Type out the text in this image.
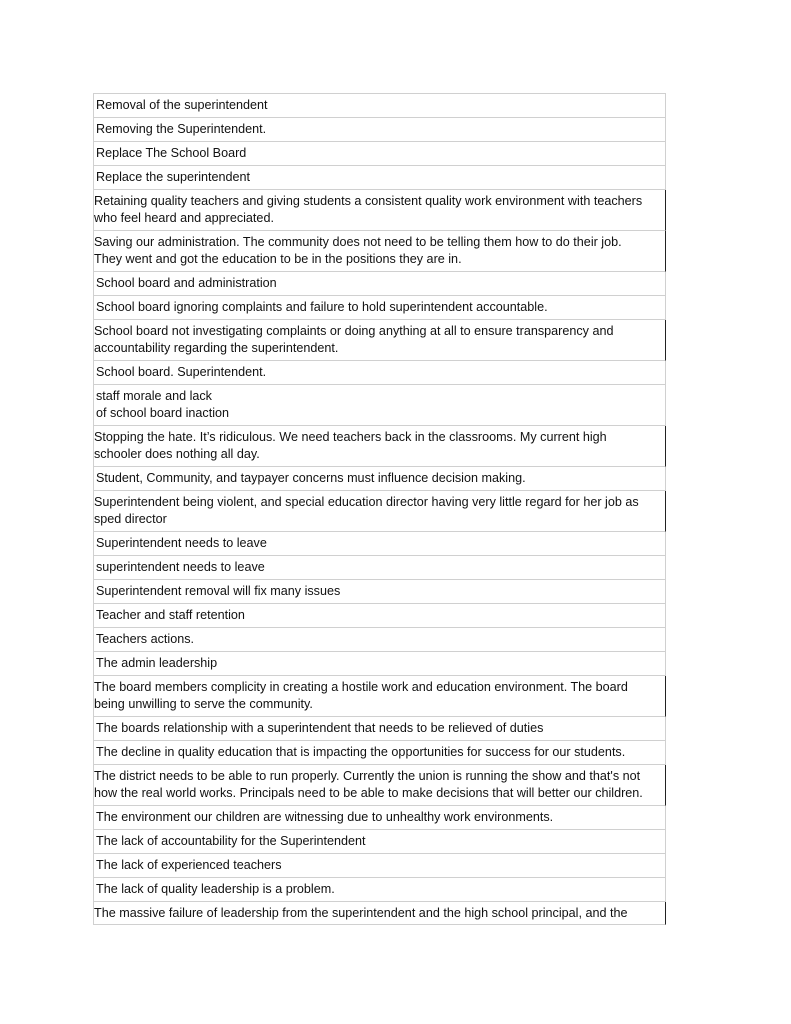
Removal of the superintendent
Removing the Superintendent.
Replace The School Board
Replace the superintendent
Retaining quality teachers and giving students a consistent quality work environment with teachers
who feel heard and appreciated.
Saving our administration. The community does not need to be telling them how to do their job.
They went and got the education to be in the positions they are in.
School board and administration
School board ignoring complaints and failure to hold superintendent accountable.
School board not investigating complaints or doing anything at all to ensure transparency and
accountability regarding the superintendent.
School board. Superintendent.
staff morale and lack
of school board inaction
Stopping the hate. It’s ridiculous. We need teachers back in the classrooms. My current high
schooler does nothing all day.
Student, Community, and taypayer concerns must influence decision making.
Superintendent being violent, and special education director having very little regard for her job as
sped director
Superintendent needs to leave
superintendent needs to leave
Superintendent removal will fix many issues
Teacher and staff retention
Teachers actions.
The admin leadership
The board members complicity in creating a hostile work and education environment. The board
being unwilling to serve the community.
The boards relationship with a superintendent that needs to be relieved of duties
The decline in quality education that is impacting the opportunities for success for our students.
The district needs to be able to run properly. Currently the union is running the show and that's not
how the real world works. Principals need to be able to make decisions that will better our children.
The environment our children are witnessing due to unhealthy work environments.
The lack of accountability for the Superintendent
The lack of experienced teachers
The lack of quality leadership is a problem.
The massive failure of leadership from the superintendent and the high school principal, and the
